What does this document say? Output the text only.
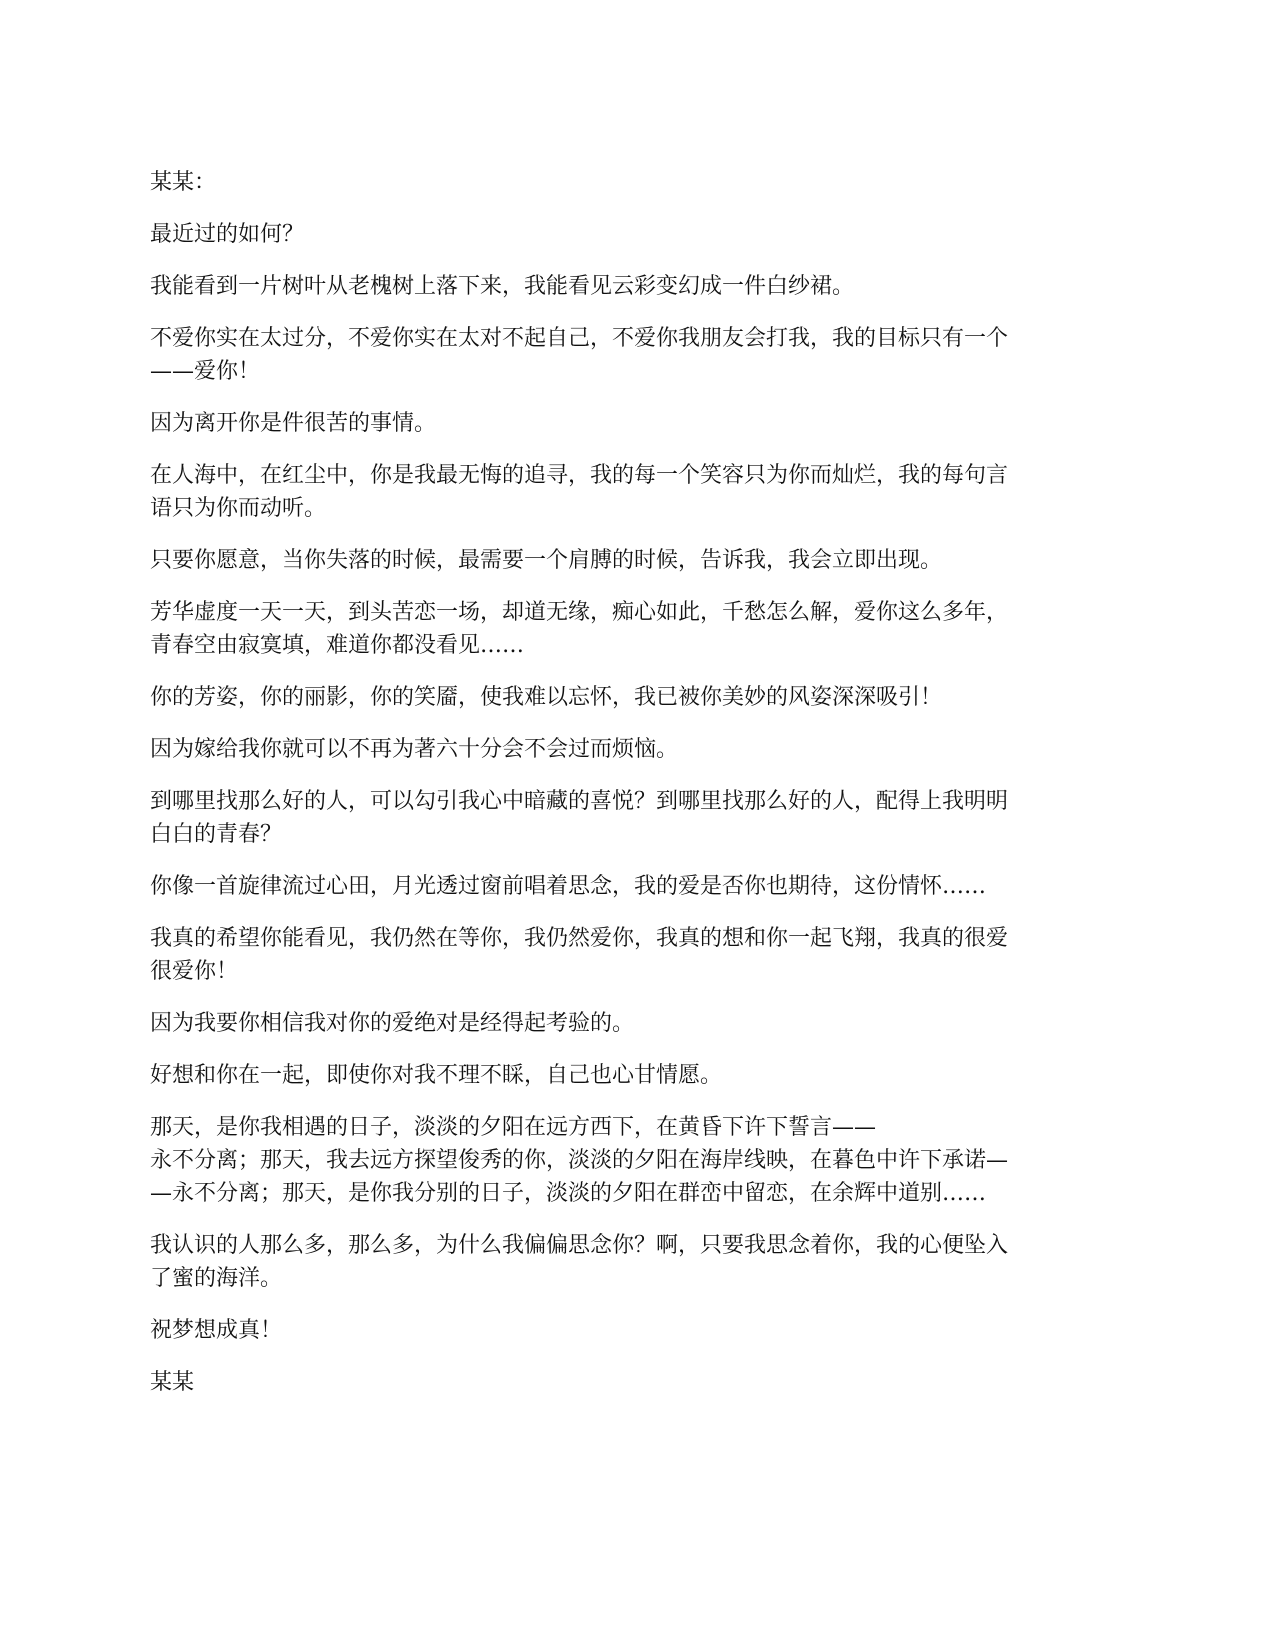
某某：

最近过的如何？

我能看到一片树叶从老槐树上落下来，我能看见云彩变幻成一件白纱裙。

不爱你实在太过分，不爱你实在太对不起自己，不爱你我朋友会打我，我的目标只有一个
——爱你！

因为离开你是件很苦的事情。

在人海中，在红尘中，你是我最无悔的追寻，我的每一个笑容只为你而灿烂，我的每句言
语只为你而动听。

只要你愿意，当你失落的时候，最需要一个肩膊的时候，告诉我，我会立即出现。

芳华虚度一天一天，到头苦恋一场，却道无缘，痴心如此，千愁怎么解，爱你这么多年，
青春空由寂寞填，难道你都没看见……

你的芳姿，你的丽影，你的笑靥，使我难以忘怀，我已被你美妙的风姿深深吸引！

因为嫁给我你就可以不再为著六十分会不会过而烦恼。

到哪里找那么好的人，可以勾引我心中暗藏的喜悦？到哪里找那么好的人，配得上我明明
白白的青春？

你像一首旋律流过心田，月光透过窗前唱着思念，我的爱是否你也期待，这份情怀……

我真的希望你能看见，我仍然在等你，我仍然爱你，我真的想和你一起飞翔，我真的很爱
很爱你！

因为我要你相信我对你的爱绝对是经得起考验的。

好想和你在一起，即使你对我不理不睬，自己也心甘情愿。

那天，是你我相遇的日子，淡淡的夕阳在远方西下，在黄昏下许下誓言——
永不分离；那天，我去远方探望俊秀的你，淡淡的夕阳在海岸线映，在暮色中许下承诺—
—永不分离；那天，是你我分别的日子，淡淡的夕阳在群峦中留恋，在余辉中道别……

我认识的人那么多，那么多，为什么我偏偏思念你？啊，只要我思念着你，我的心便坠入
了蜜的海洋。

祝梦想成真！

某某
